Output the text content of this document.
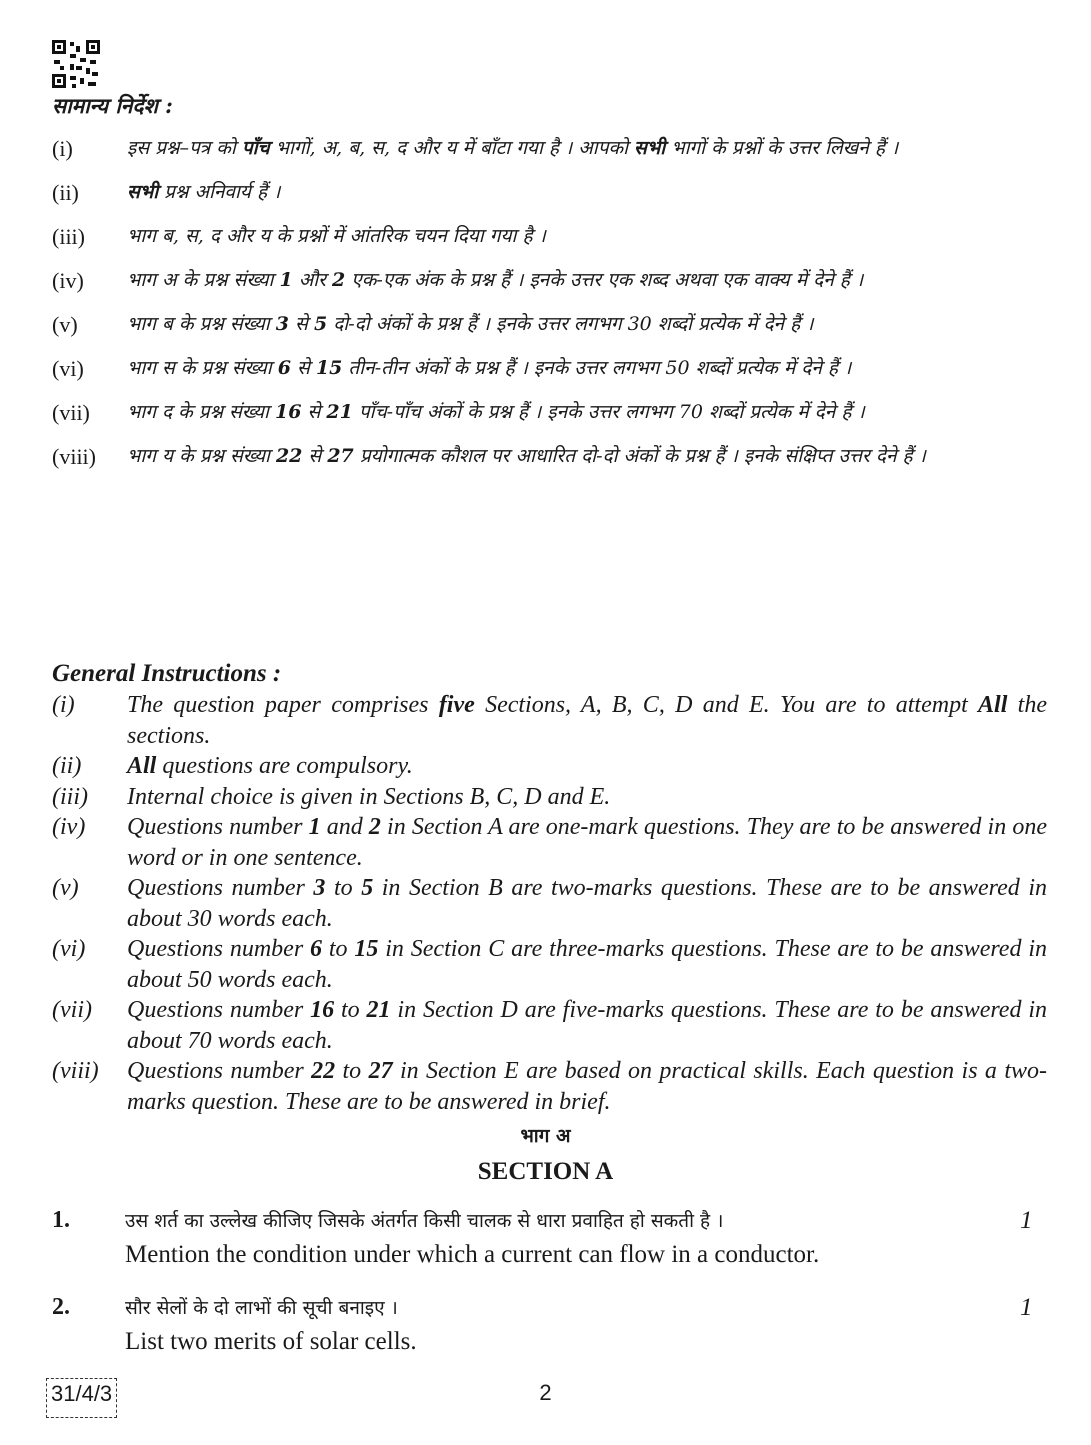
सामान्य निर्देश :
(i)	इस प्रश्न–पत्र को पाँच भागों, अ, ब, स, द और य में बाँटा गया है । आपको सभी भागों के प्रश्नों के उत्तर लिखने हैं ।
(ii)	सभी प्रश्न अनिवार्य हैं ।
(iii)	भाग ब, स, द और य के प्रश्नों में आंतरिक चयन दिया गया है ।
(iv)	भाग अ के प्रश्न संख्या 1 और 2 एक-एक अंक के प्रश्न हैं । इनके उत्तर एक शब्द अथवा एक वाक्य में देने हैं ।
(v)	भाग ब के प्रश्न संख्या 3 से 5 दो-दो अंकों के प्रश्न हैं । इनके उत्तर लगभग 30 शब्दों प्रत्येक में देने हैं ।
(vi)	भाग स के प्रश्न संख्या 6 से 15 तीन-तीन अंकों के प्रश्न हैं । इनके उत्तर लगभग 50 शब्दों प्रत्येक में देने हैं ।
(vii)	भाग द के प्रश्न संख्या 16 से 21 पाँच-पाँच अंकों के प्रश्न हैं । इनके उत्तर लगभग 70 शब्दों प्रत्येक में देने हैं ।
(viii)	भाग य के प्रश्न संख्या 22 से 27 प्रयोगात्मक कौशल पर आधारित दो-दो अंकों के प्रश्न हैं । इनके संक्षिप्त उत्तर देने हैं ।
General Instructions :
(i)	The question paper comprises five Sections, A, B, C, D and E. You are to attempt All the sections.
(ii)	All questions are compulsory.
(iii)	Internal choice is given in Sections B, C, D and E.
(iv)	Questions number 1 and 2 in Section A are one-mark questions. They are to be answered in one word or in one sentence.
(v)	Questions number 3 to 5 in Section B are two-marks questions. These are to be answered in about 30 words each.
(vi)	Questions number 6 to 15 in Section C are three-marks questions. These are to be answered in about 50 words each.
(vii)	Questions number 16 to 21 in Section D are five-marks questions. These are to be answered in about 70 words each.
(viii)	Questions number 22 to 27 in Section E are based on practical skills. Each question is a two-marks question. These are to be answered in brief.
भाग अ
SECTION A
1.	उस शर्त का उल्लेख कीजिए जिसके अंतर्गत किसी चालक से धारा प्रवाहित हो सकती है ।	1
Mention the condition under which a current can flow in a conductor.
2.	सौर सेलों के दो लाभों की सूची बनाइए ।	1
List two merits of solar cells.
31/4/3	2
